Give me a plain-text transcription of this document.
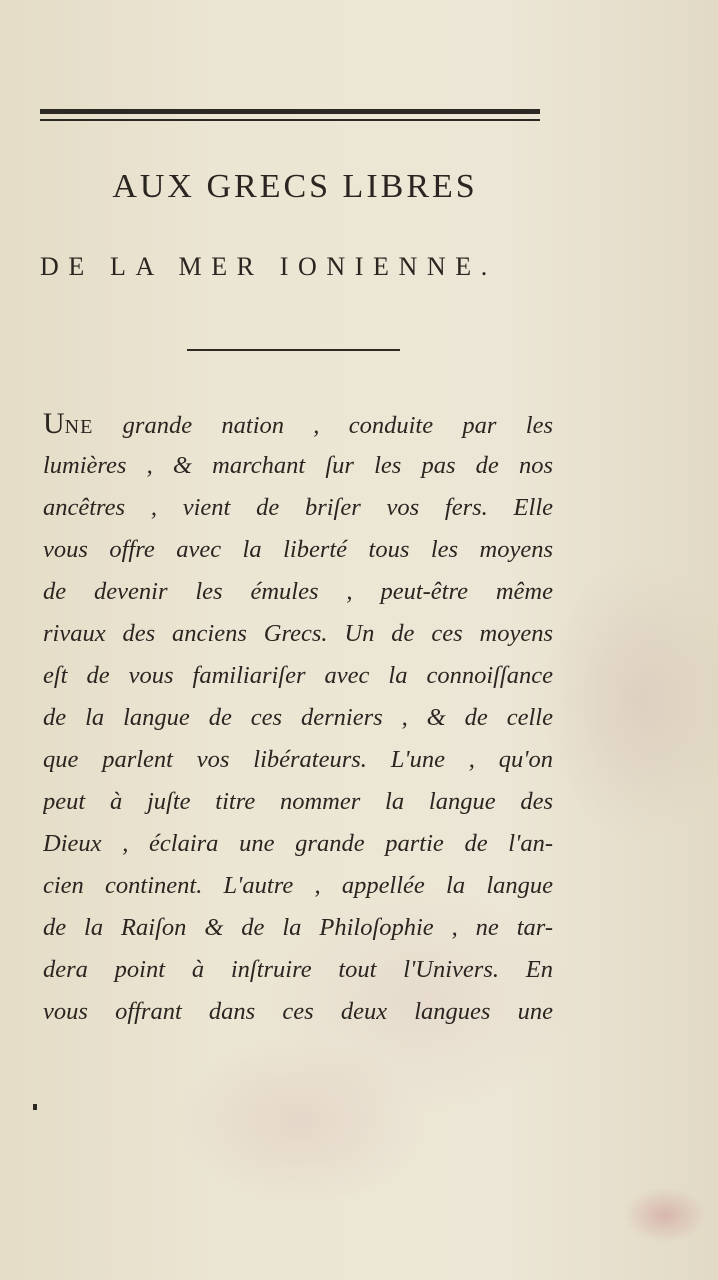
AUX GRECS LIBRES
DE LA MER IONIENNE.
UNE grande nation , conduite par les
lumières , & marchant ſur les pas de nos
ancêtres , vient de briſer vos fers. Elle
vous offre avec la liberté tous les moyens
de devenir les émules , peut-être même
rivaux des anciens Grecs. Un de ces moyens
eſt de vous familiariſer avec la connoiſſance
de la langue de ces derniers , & de celle
que parlent vos libérateurs. L'une , qu'on
peut à juſte titre nommer la langue des
Dieux , éclaira une grande partie de l'an-
cien continent. L'autre , appellée la langue
de la Raiſon & de la Philoſophie , ne tar-
dera point à inſtruire tout l'Univers. En
vous offrant dans ces deux langues une
